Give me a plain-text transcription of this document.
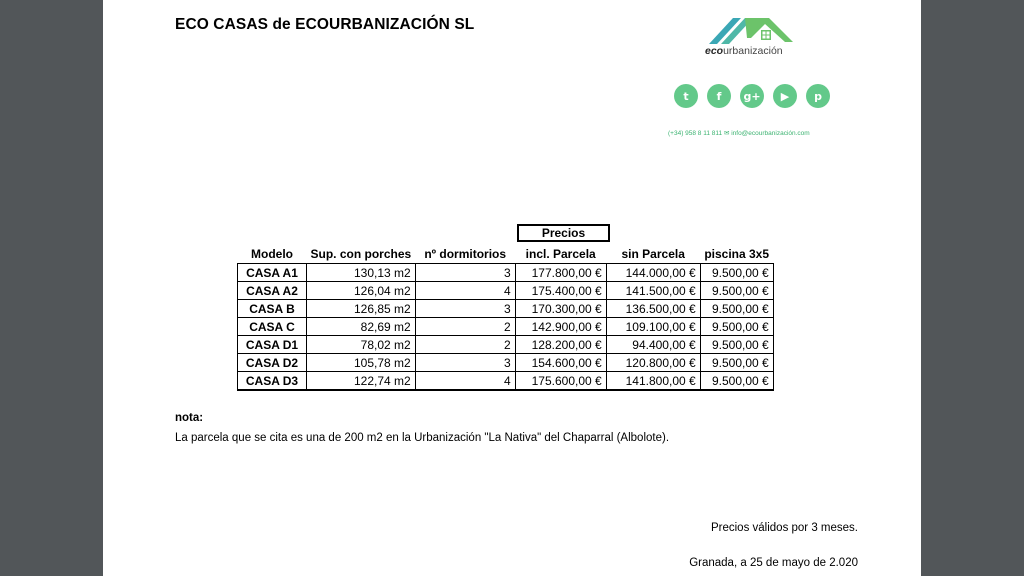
ECO CASAS de ECOURBANIZACIÓN SL
ecourbanización
t	f	g+	▶	p
(+34) 958 8 11 811 ✉ info@ecourbanización.com
Precios
Modelo	Sup. con porches	nº dormitorios	incl. Parcela	sin Parcela	piscina 3x5
CASA A1	130,13 m2	3	177.800,00 €	144.000,00 €	9.500,00 €
CASA A2	126,04 m2	4	175.400,00 €	141.500,00 €	9.500,00 €
CASA B	126,85 m2	3	170.300,00 €	136.500,00 €	9.500,00 €
CASA C	82,69 m2	2	142.900,00 €	109.100,00 €	9.500,00 €
CASA D1	78,02 m2	2	128.200,00 €	94.400,00 €	9.500,00 €
CASA D2	105,78 m2	3	154.600,00 €	120.800,00 €	9.500,00 €
CASA D3	122,74 m2	4	175.600,00 €	141.800,00 €	9.500,00 €
nota:
La parcela que se cita es una de 200 m2 en la Urbanización "La Nativa" del Chaparral (Albolote).
Precios válidos por 3 meses.
Granada, a 25 de mayo de 2.020
